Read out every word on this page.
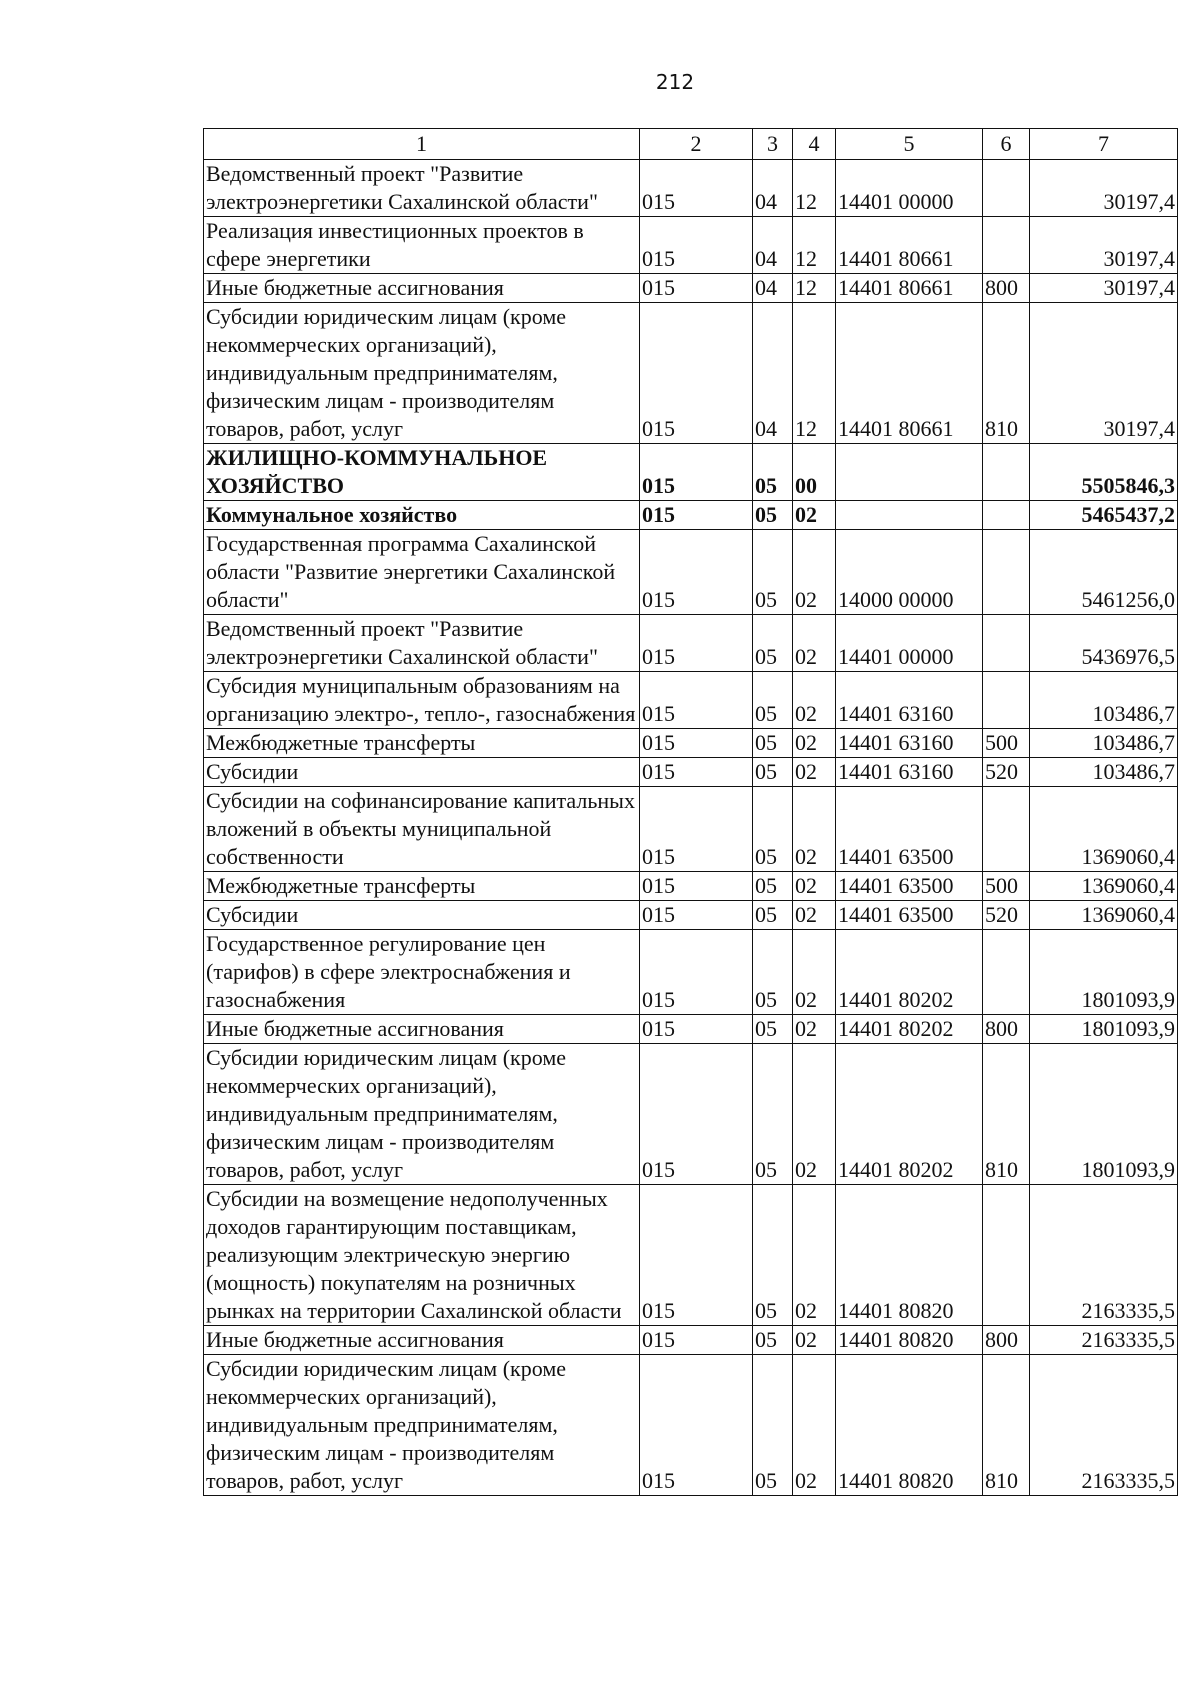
212
1	2	3	4	5	6	7
Ведомственный проект "Развитие электроэнергетики Сахалинской области"	015	04	12	14401 00000		30197,4
Реализация инвестиционных проектов в сфере энергетики	015	04	12	14401 80661		30197,4
Иные бюджетные ассигнования	015	04	12	14401 80661	800	30197,4
Субсидии юридическим лицам (кроме некоммерческих организаций), индивидуальным предпринимателям, физическим лицам - производителям товаров, работ, услуг	015	04	12	14401 80661	810	30197,4
ЖИЛИЩНО-КОММУНАЛЬНОЕ ХОЗЯЙСТВО	015	05	00			5505846,3
Коммунальное хозяйство	015	05	02			5465437,2
Государственная программа Сахалинской области "Развитие энергетики Сахалинской области"	015	05	02	14000 00000		5461256,0
Ведомственный проект "Развитие электроэнергетики Сахалинской области"	015	05	02	14401 00000		5436976,5
Субсидия муниципальным образованиям на организацию электро-, тепло-, газоснабжения	015	05	02	14401 63160		103486,7
Межбюджетные трансферты	015	05	02	14401 63160	500	103486,7
Субсидии	015	05	02	14401 63160	520	103486,7
Субсидии на софинансирование капитальных вложений в объекты муниципальной собственности	015	05	02	14401 63500		1369060,4
Межбюджетные трансферты	015	05	02	14401 63500	500	1369060,4
Субсидии	015	05	02	14401 63500	520	1369060,4
Государственное регулирование цен (тарифов) в сфере электроснабжения и газоснабжения	015	05	02	14401 80202		1801093,9
Иные бюджетные ассигнования	015	05	02	14401 80202	800	1801093,9
Субсидии юридическим лицам (кроме некоммерческих организаций), индивидуальным предпринимателям, физическим лицам - производителям товаров, работ, услуг	015	05	02	14401 80202	810	1801093,9
Субсидии на возмещение недополученных доходов гарантирующим поставщикам, реализующим электрическую энергию (мощность) покупателям на розничных рынках на территории Сахалинской области	015	05	02	14401 80820		2163335,5
Иные бюджетные ассигнования	015	05	02	14401 80820	800	2163335,5
Субсидии юридическим лицам (кроме некоммерческих организаций), индивидуальным предпринимателям, физическим лицам - производителям товаров, работ, услуг	015	05	02	14401 80820	810	2163335,5
